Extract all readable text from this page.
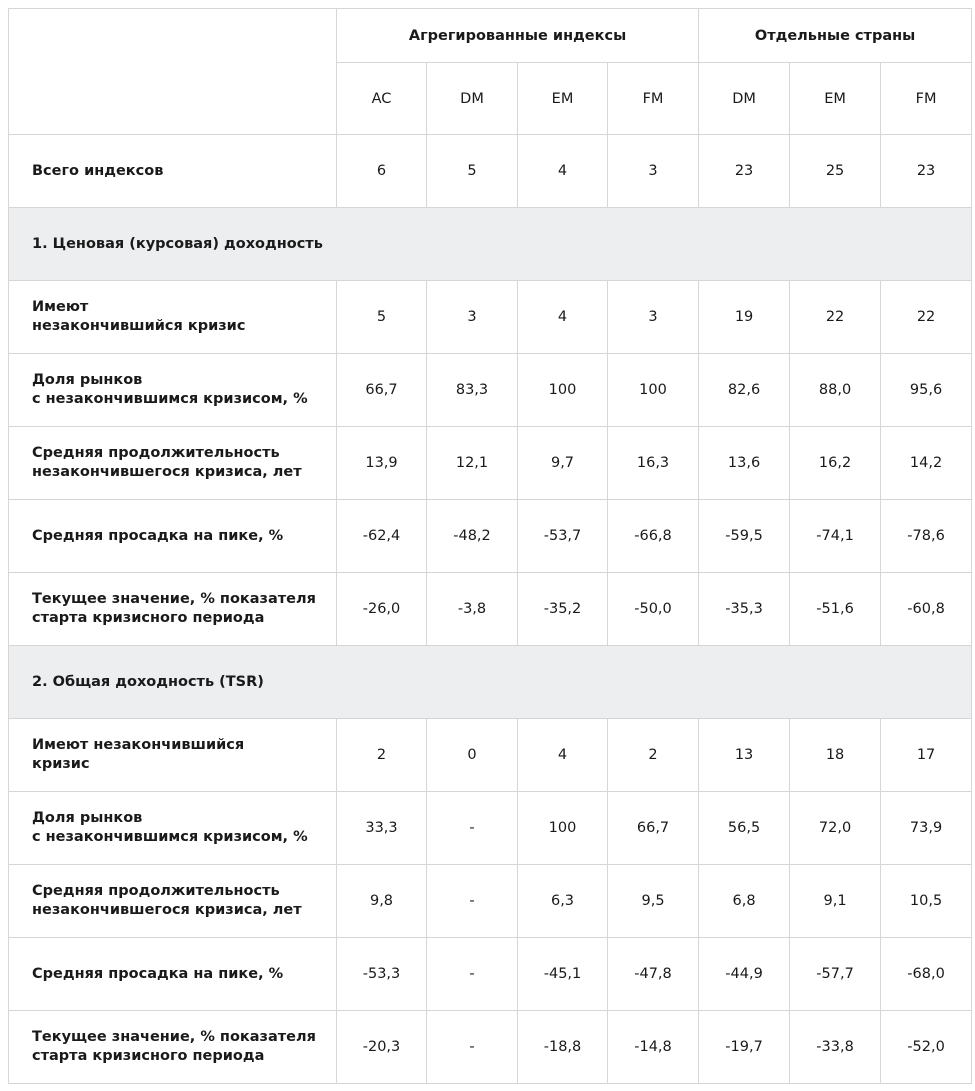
	Агрегированные индексы				Отдельные страны		
	AC	DM	EM	FM	DM	EM	FM
Всего индексов	6	5	4	3	23	25	23
1. Ценовая (курсовая) доходность							
Имеют
незакончившийся кризис	5	3	4	3	19	22	22
Доля рынков
с незакончившимся кризисом, %	66,7	83,3	100	100	82,6	88,0	95,6
Средняя продолжительность
незакончившегося кризиса, лет	13,9	12,1	9,7	16,3	13,6	16,2	14,2
Средняя просадка на пике, %	-62,4	-48,2	-53,7	-66,8	-59,5	-74,1	-78,6
Текущее значение, % показателя
старта кризисного периода	-26,0	-3,8	-35,2	-50,0	-35,3	-51,6	-60,8
2. Общая доходность (TSR)							
Имеют незакончившийся
кризис	2	0	4	2	13	18	17
Доля рынков
с незакончившимся кризисом, %	33,3	-	100	66,7	56,5	72,0	73,9
Средняя продолжительность
незакончившегося кризиса, лет	9,8	-	6,3	9,5	6,8	9,1	10,5
Средняя просадка на пике, %	-53,3	-	-45,1	-47,8	-44,9	-57,7	-68,0
Текущее значение, % показателя
старта кризисного периода	-20,3	-	-18,8	-14,8	-19,7	-33,8	-52,0
